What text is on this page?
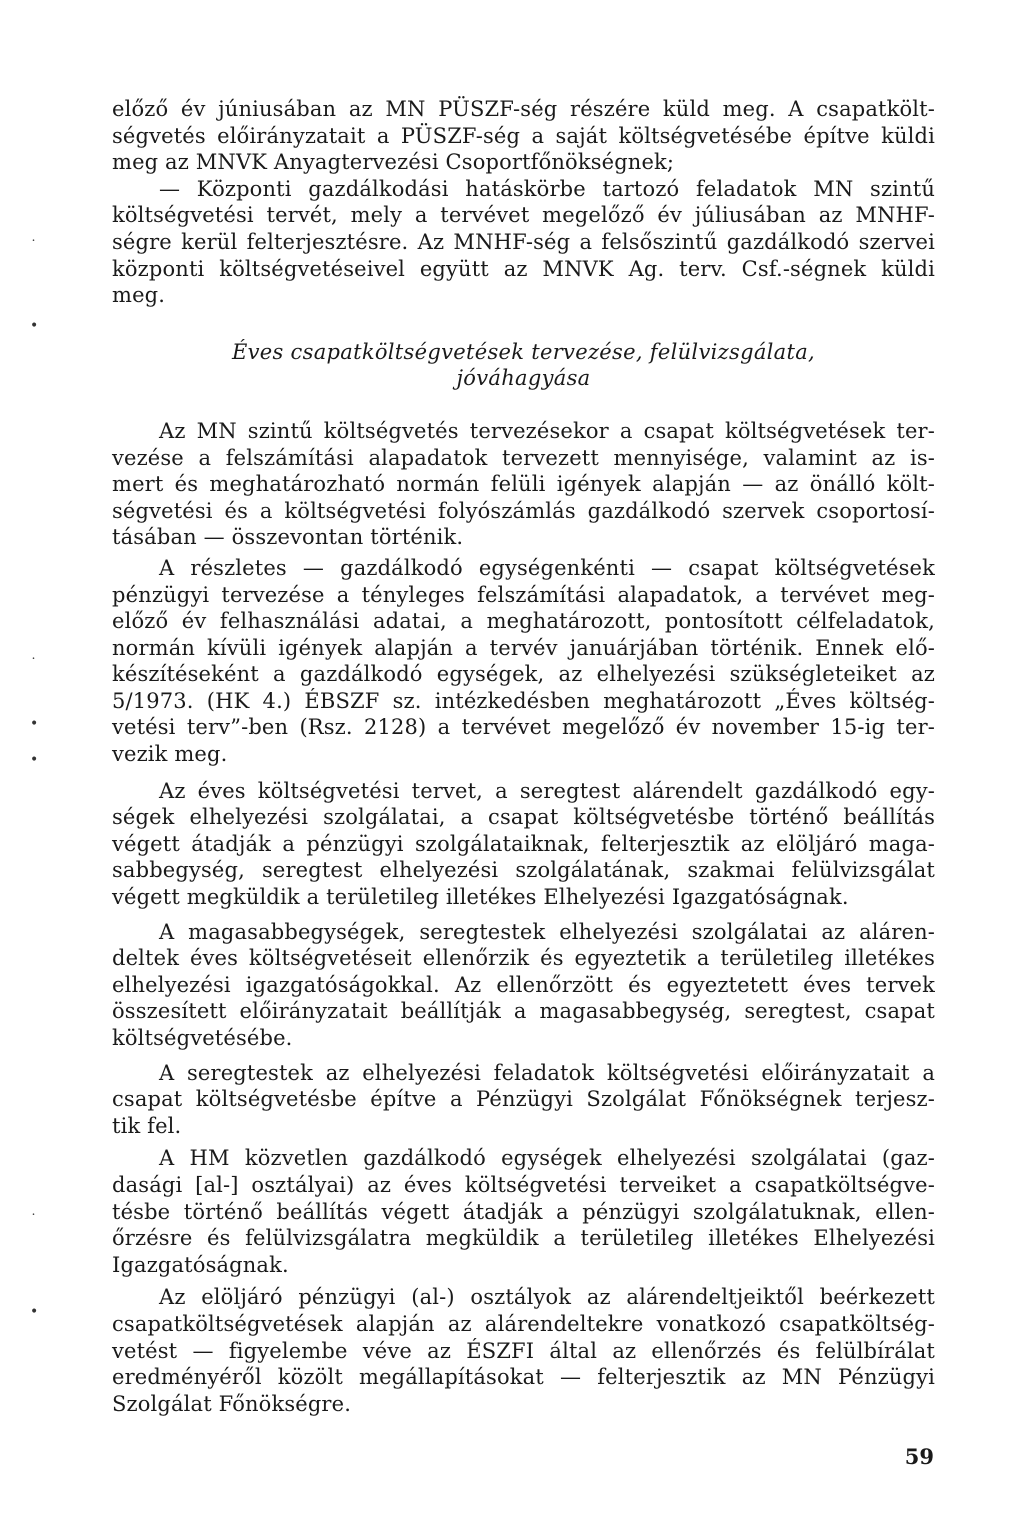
előző év júniusában az MN PÜSZF-ség részére küld meg. A csapatkölt-
ségvetés előirányzatait a PÜSZF-ség a saját költségvetésébe építve küldi
meg az MNVK Anyagtervezési Csoportfőnökségnek;
— Központi gazdálkodási hatáskörbe tartozó feladatok MN szintű
költségvetési tervét, mely a tervévet megelőző év júliusában az MNHF-
ségre kerül felterjesztésre. Az MNHF-ség a felsőszintű gazdálkodó szervei
központi költségvetéseivel együtt az MNVK Ag. terv. Csf.-ségnek küldi
meg.
Éves csapatköltségvetések tervezése, felülvizsgálata,
jóváhagyása
Az MN szintű költségvetés tervezésekor a csapat költségvetések ter-
vezése a felszámítási alapadatok tervezett mennyisége, valamint az is-
mert és meghatározható normán felüli igények alapján — az önálló költ-
ségvetési és a költségvetési folyószámlás gazdálkodó szervek csoportosí-
tásában — összevontan történik.
A részletes — gazdálkodó egységenkénti — csapat költségvetések
pénzügyi tervezése a tényleges felszámítási alapadatok, a tervévet meg-
előző év felhasználási adatai, a meghatározott, pontosított célfeladatok,
normán kívüli igények alapján a tervév januárjában történik. Ennek elő-
készítéseként a gazdálkodó egységek, az elhelyezési szükségleteiket az
5/1973. (HK 4.) ÉBSZF sz. intézkedésben meghatározott „Éves költség-
vetési terv”-ben (Rsz. 2128) a tervévet megelőző év november 15-ig ter-
vezik meg.
Az éves költségvetési tervet, a seregtest alárendelt gazdálkodó egy-
ségek elhelyezési szolgálatai, a csapat költségvetésbe történő beállítás
végett átadják a pénzügyi szolgálataiknak, felterjesztik az elöljáró maga-
sabbegység, seregtest elhelyezési szolgálatának, szakmai felülvizsgálat
végett megküldik a területileg illetékes Elhelyezési Igazgatóságnak.
A magasabbegységek, seregtestek elhelyezési szolgálatai az aláren-
deltek éves költségvetéseit ellenőrzik és egyeztetik a területileg illetékes
elhelyezési igazgatóságokkal. Az ellenőrzött és egyeztetett éves tervek
összesített előirányzatait beállítják a magasabbegység, seregtest, csapat
költségvetésébe.
A seregtestek az elhelyezési feladatok költségvetési előirányzatait a
csapat költségvetésbe építve a Pénzügyi Szolgálat Főnökségnek terjesz-
tik fel.
A HM közvetlen gazdálkodó egységek elhelyezési szolgálatai (gaz-
dasági [al-] osztályai) az éves költségvetési terveiket a csapatköltségve-
tésbe történő beállítás végett átadják a pénzügyi szolgálatuknak, ellen-
őrzésre és felülvizsgálatra megküldik a területileg illetékes Elhelyezési
Igazgatóságnak.
Az elöljáró pénzügyi (al-) osztályok az alárendeltjeiktől beérkezett
csapatköltségvetések alapján az alárendeltekre vonatkozó csapatköltség-
vetést — figyelembe véve az ÉSZFI által az ellenőrzés és felülbírálat
eredményéről közölt megállapításokat — felterjesztik az MN Pénzügyi
Szolgálat Főnökségre.
˙
•
˙
•
•
˙
•
59
